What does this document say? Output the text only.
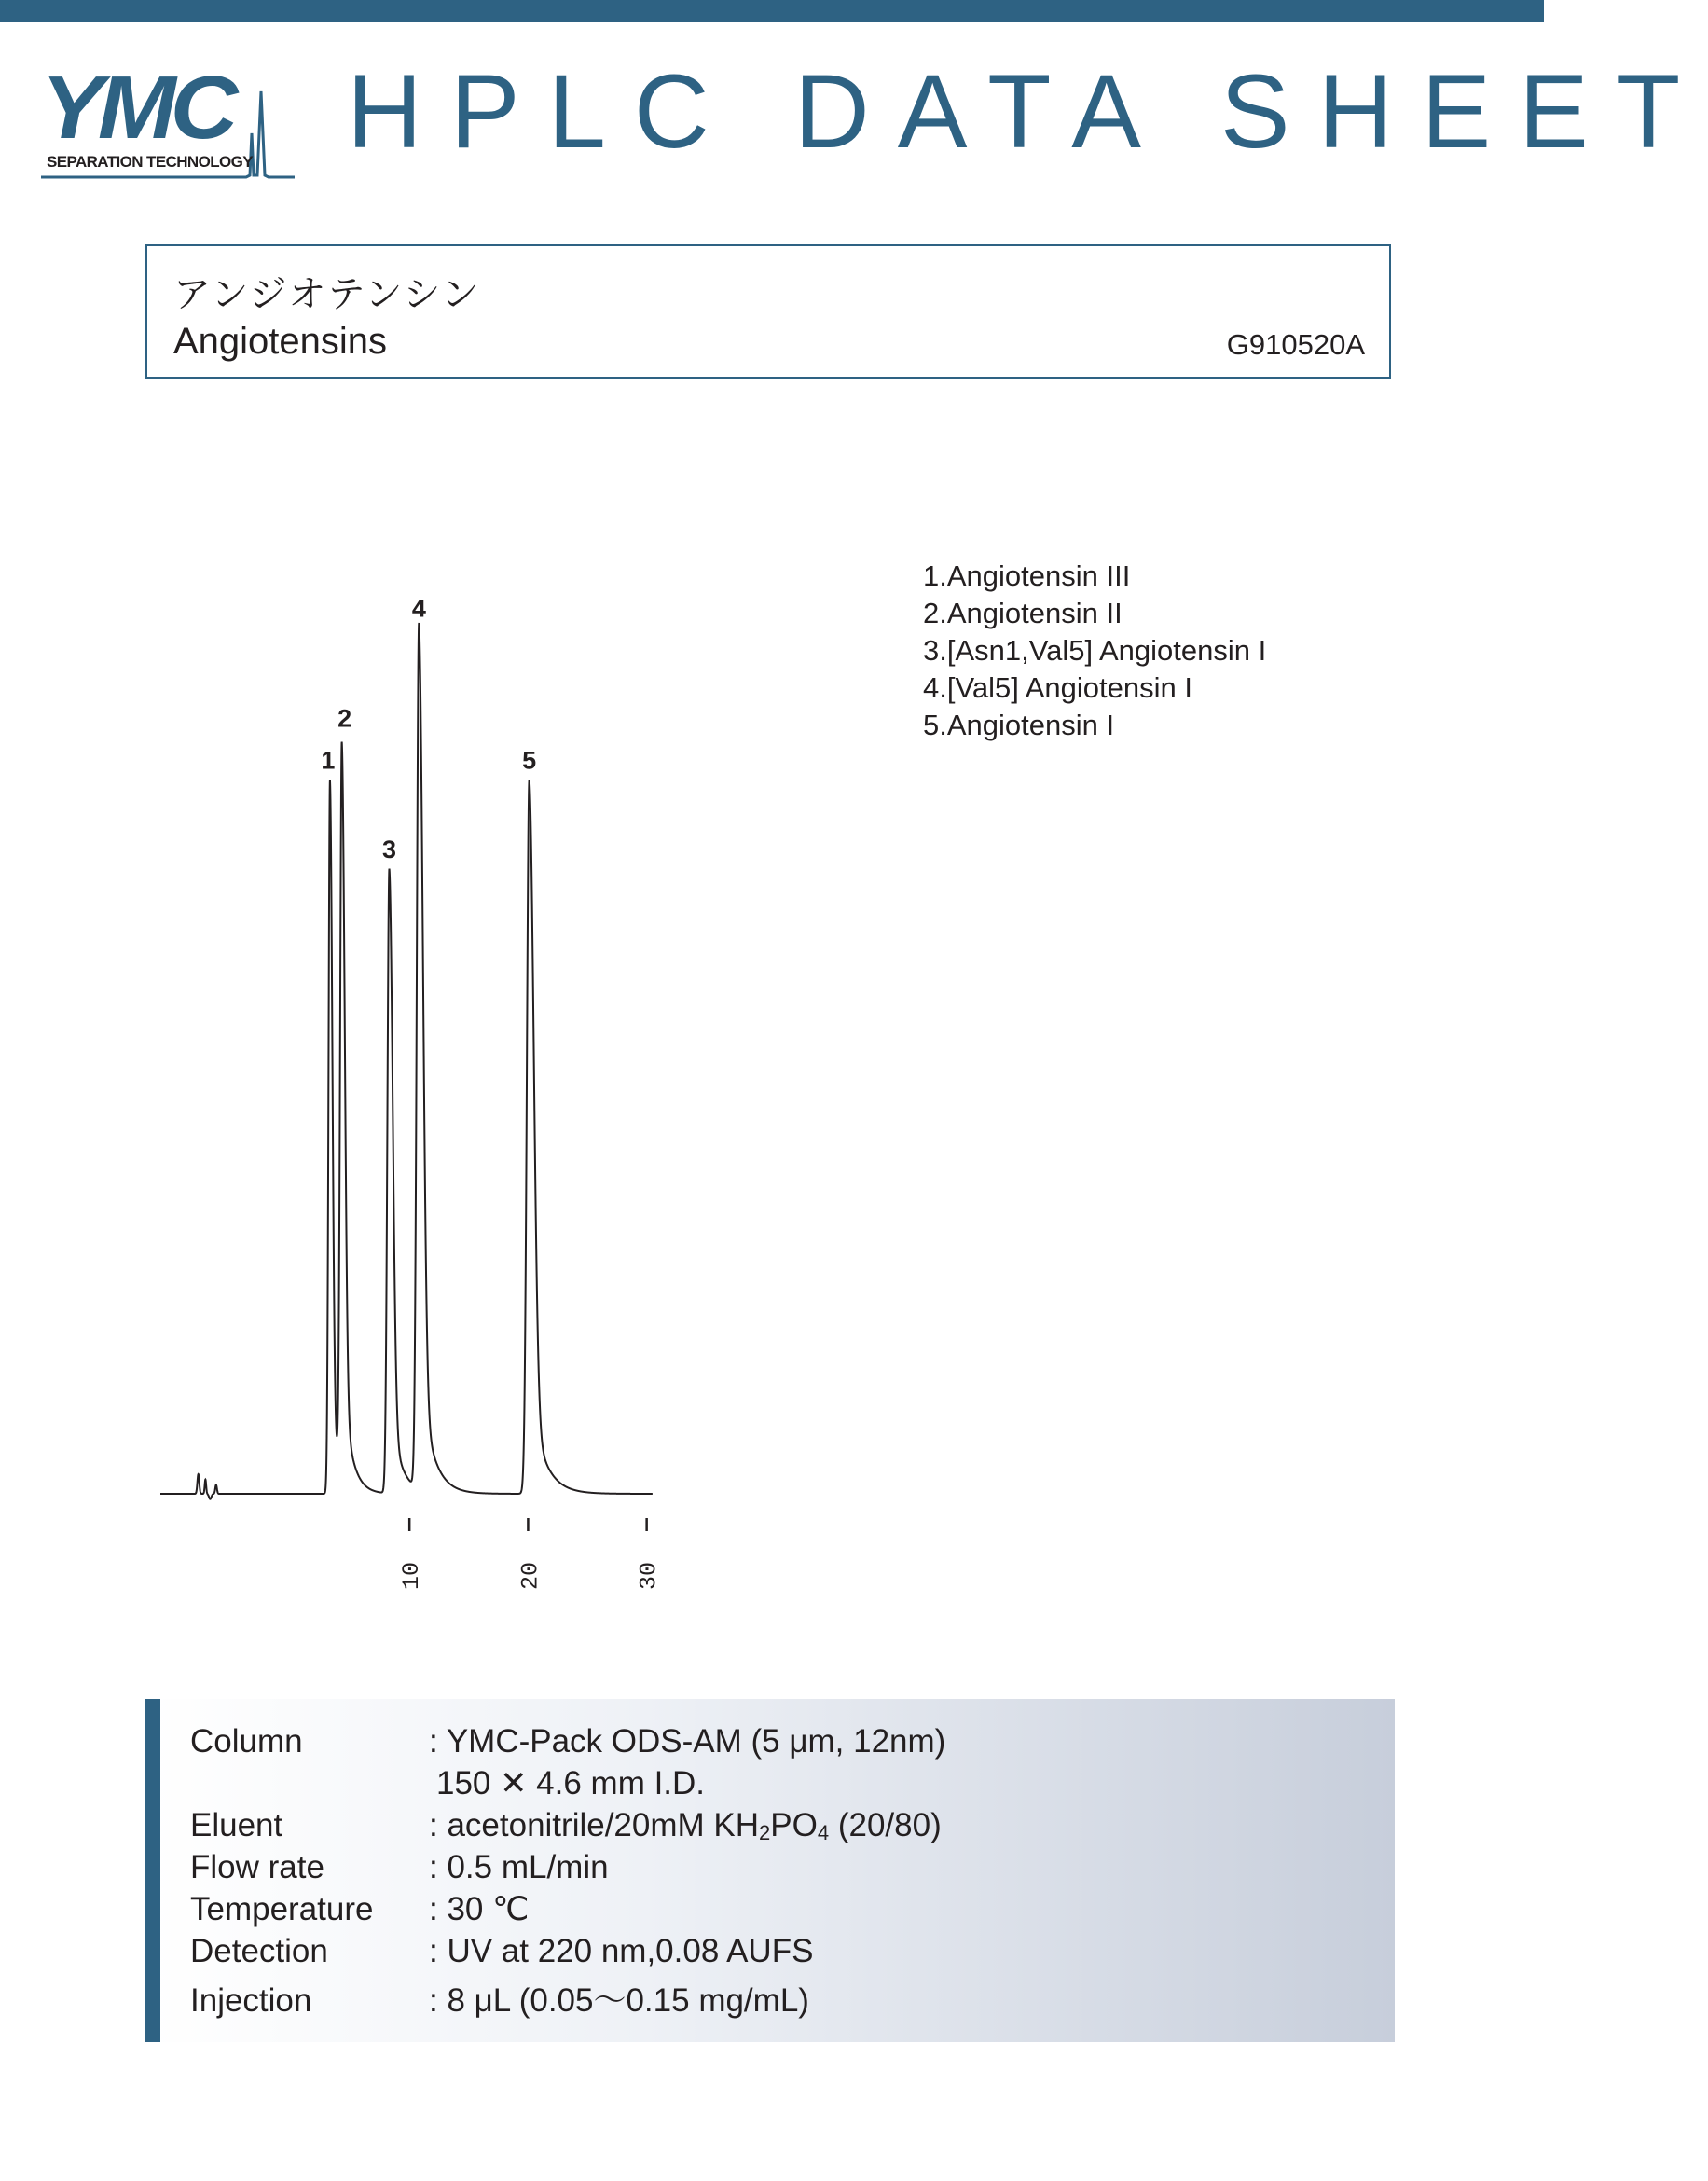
YMC
SEPARATION TECHNOLOGY HPLC DATA SHEET
アンジオテンシン
Angiotensins	G910520A
1.Angiotensin III
2.Angiotensin II
3.[Asn1,Val5] Angiotensin I
4.[Val5] Angiotensin I
5.Angiotensin I
1
2
3
4
5
10	20	30
Column	: YMC-Pack ODS-AM (5 μm, 12nm)
150 ✕ 4.6 mm I.D.
Eluent	: acetonitrile/20mM $KH_2PO_4$ (20/80)
Flow rate	: 0.5 mL/min
Temperature : 30 ℃
Detection	: UV at 220 nm,0.08 AUFS
Injection	: 8 μL (0.05～0.15 mg/mL)
